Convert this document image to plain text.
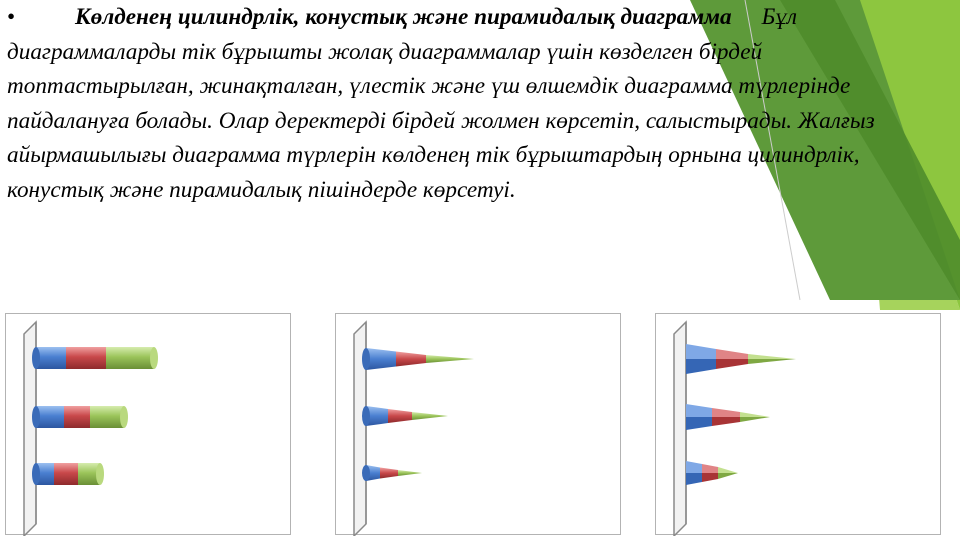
•	Көлденең цилиндрлік, конустық және пирамидалық диаграмма Бұл диаграммаларды тік бұрышты жолақ диаграммалар үшін көзделген бірдей топтастырылған, жинақталған, үлестік және үш өлшемдік диаграмма түрлерінде пайдалануға болады. Олар деректерді бірдей жолмен көрсетіп, салыстырады. Жалғыз айырмашылығы диаграмма түрлерін көлденең тік бұрыштардың орнына цилиндрлік, конустық және пирамидалық пішіндерде көрсетуі.
